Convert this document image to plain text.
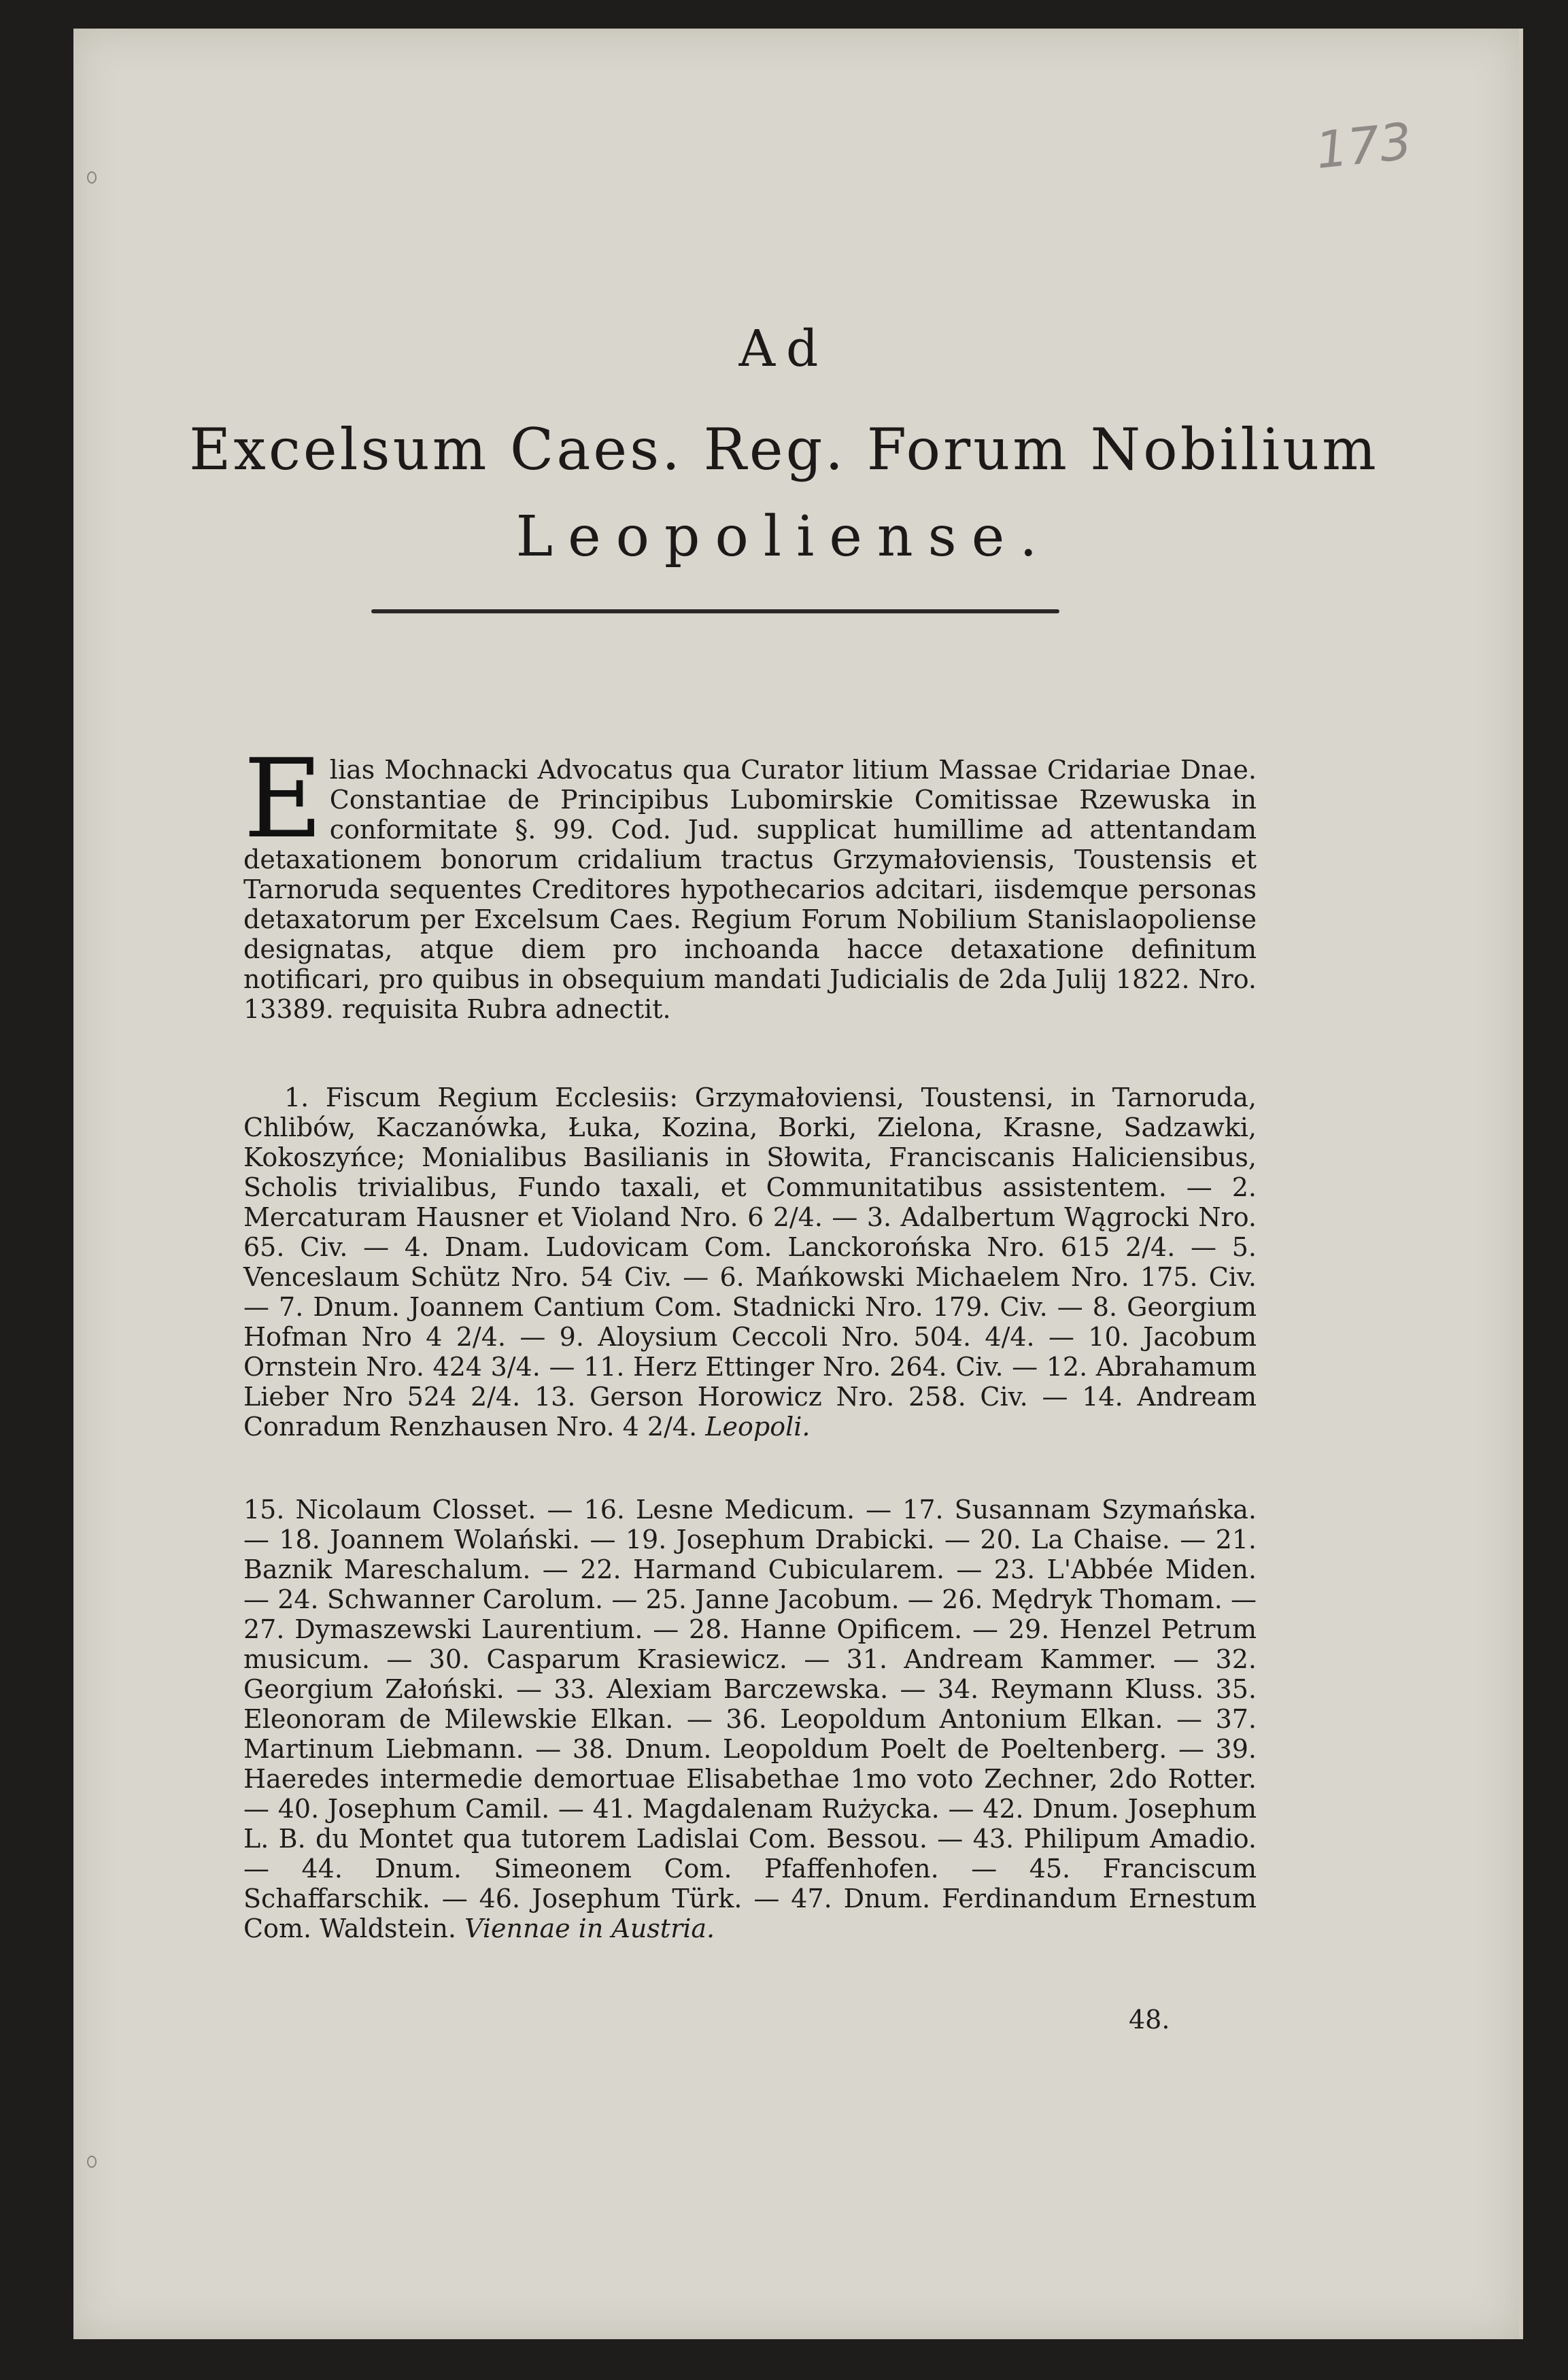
173
Ad
Excelsum Caes. Reg. Forum Nobilium
Leopoliense.
E lias Mochnacki Advocatus qua Curator litium Massae Cridariae Dnae. Constantiae de Principibus Lubomirskie Comitissae Rzewuska in conformitate §. 99. Cod. Jud. supplicat humillime ad attentandam detaxationem bonorum cridalium tractus Grzymałoviensis, Toustensis et Tarnoruda sequentes Creditores hypothecarios adcitari, iisdemque personas detaxatorum per Excelsum Caes. Regium Forum Nobilium Stanislaopoliense designatas, atque diem pro inchoanda hacce detaxatione definitum notificari, pro quibus in obsequium mandati Judicialis de 2da Julij 1822. Nro. 13389. requisita Rubra adnectit.
1. Fiscum Regium Ecclesiis: Grzymałoviensi, Toustensi, in Tarnoruda, Chlibów, Kaczanówka, Łuka, Kozina, Borki, Zielona, Krasne, Sadzawki, Kokoszyńce; Monialibus Basilianis in Słowita, Franciscanis Haliciensibus, Scholis trivialibus, Fundo taxali, et Communitatibus assistentem. — 2. Mercaturam Hausner et Violand Nro. 6 2/4. — 3. Adalbertum Wągrocki Nro. 65. Civ. — 4. Dnam. Ludovicam Com. Lanckorońska Nro. 615 2/4. — 5. Venceslaum Schütz Nro. 54 Civ. — 6. Mańkowski Michaelem Nro. 175. Civ. — 7. Dnum. Joannem Cantium Com. Stadnicki Nro. 179. Civ. — 8. Georgium Hofman Nro 4 2/4. — 9. Aloysium Ceccoli Nro. 504. 4/4. — 10. Jacobum Ornstein Nro. 424 3/4. — 11. Herz Ettinger Nro. 264. Civ. — 12. Abrahamum Lieber Nro 524 2/4. 13. Gerson Horowicz Nro. 258. Civ. — 14. Andream Conradum Renzhausen Nro. 4 2/4. Leopoli.
15. Nicolaum Closset. — 16. Lesne Medicum. — 17. Susannam Szymańska. — 18. Joannem Wolański. — 19. Josephum Drabicki. — 20. La Chaise. — 21. Baznik Mareschalum. — 22. Harmand Cubicularem. — 23. L'Abbée Miden. — 24. Schwanner Carolum. — 25. Janne Jacobum. — 26. Mędryk Thomam. — 27. Dymaszewski Laurentium. — 28. Hanne Opificem. — 29. Henzel Petrum musicum. — 30. Casparum Krasiewicz. — 31. Andream Kammer. — 32. Georgium Załoński. — 33. Alexiam Barczewska. — 34. Reymann Kluss. 35. Eleonoram de Milewskie Elkan. — 36. Leopoldum Antonium Elkan. — 37. Martinum Liebmann. — 38. Dnum. Leopoldum Poelt de Poeltenberg. — 39. Haeredes intermedie demortuae Elisabethae 1mo voto Zechner, 2do Rotter. — 40. Josephum Camil. — 41. Magdalenam Rużycka. — 42. Dnum. Josephum L. B. du Montet qua tutorem Ladislai Com. Bessou. — 43. Philipum Amadio. — 44. Dnum. Simeonem Com. Pfaffenhofen. — 45. Franciscum Schaffarschik. — 46. Josephum Türk. — 47. Dnum. Ferdinandum Ernestum Com. Waldstein. Viennae in Austria.
48.
